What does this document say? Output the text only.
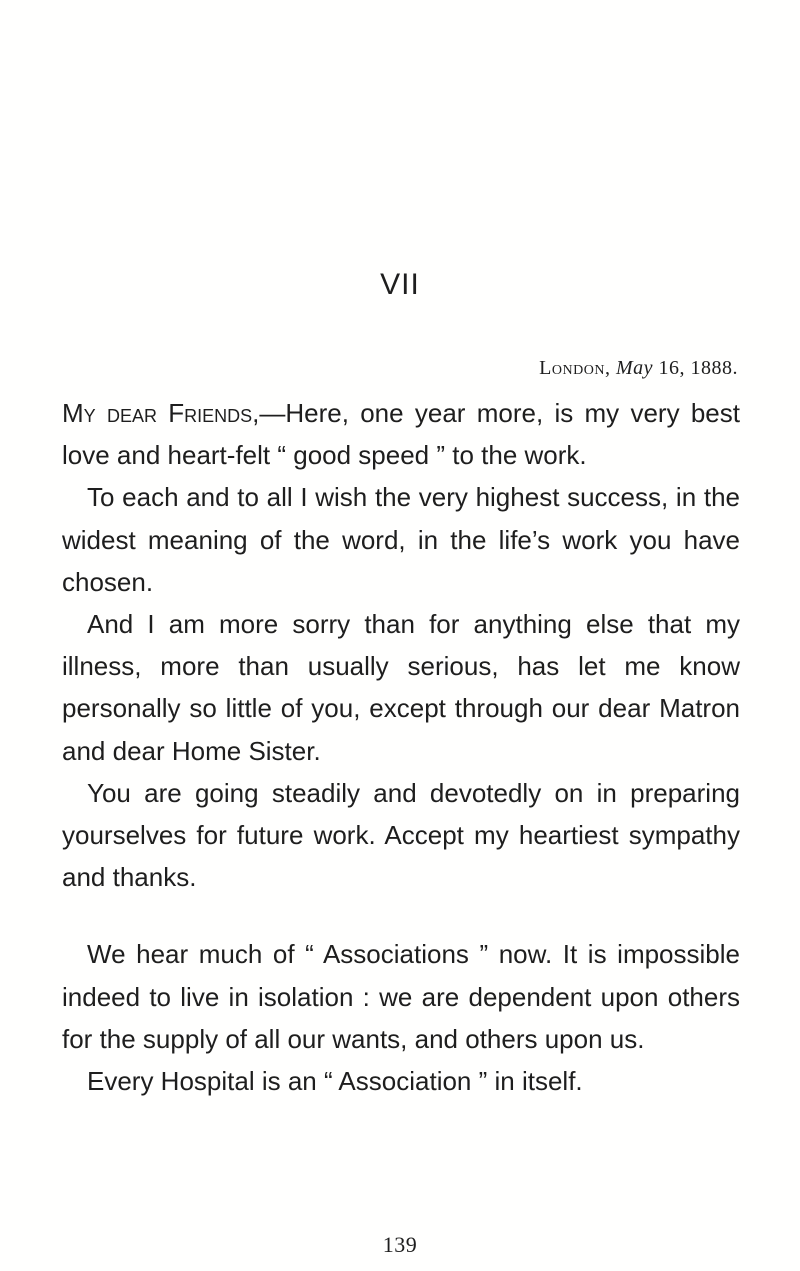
VII
London, May 16, 1888.

My dear Friends,—Here, one year more, is my very best love and heart-felt “ good speed ” to the work.

To each and to all I wish the very highest success, in the widest meaning of the word, in the life’s work you have chosen.

And I am more sorry than for anything else that my illness, more than usually serious, has let me know personally so little of you, except through our dear Matron and dear Home Sister.

You are going steadily and devotedly on in preparing yourselves for future work. Accept my heartiest sympathy and thanks.

We hear much of “ Associations ” now. It is impossible indeed to live in isolation : we are dependent upon others for the supply of all our wants, and others upon us.

Every Hospital is an “ Association ” in itself.

139
